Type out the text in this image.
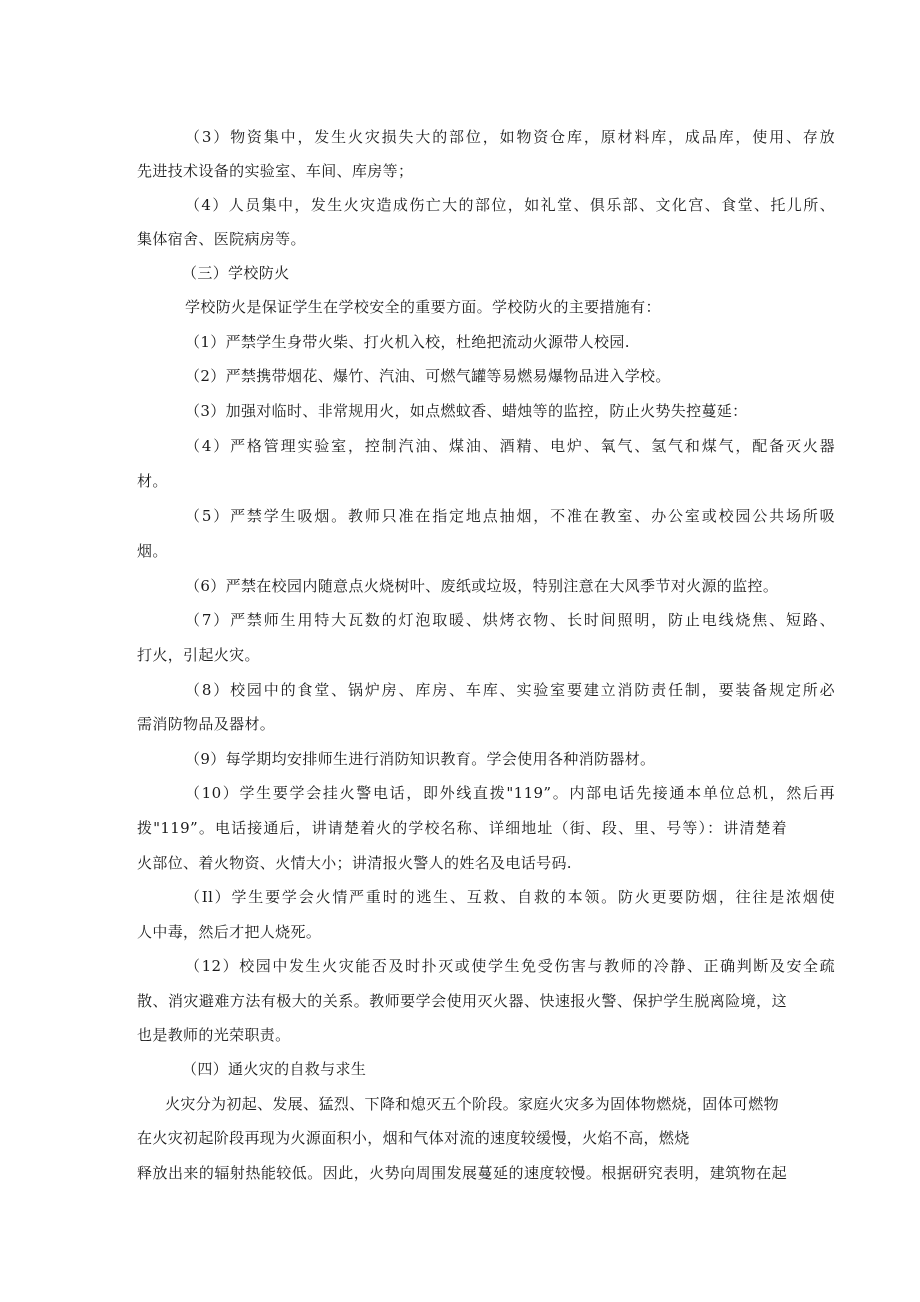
（3）物资集中，发生火灾损失大的部位，如物资仓库，原材料库，成品库，使用、存放
先进技术设备的实验室、车间、库房等；
（4）人员集中，发生火灾造成伤亡大的部位，如礼堂、俱乐部、文化宫、食堂、托儿所、
集体宿舍、医院病房等。
（三）学校防火
学校防火是保证学生在学校安全的重要方面。学校防火的主要措施有：
（1）严禁学生身带火柴、打火机入校，杜绝把流动火源带人校园.
（2）严禁携带烟花、爆竹、汽油、可燃气罐等易燃易爆物品进入学校。
（3）加强对临时、非常规用火，如点燃蚊香、蜡烛等的监控，防止火势失控蔓延：
（4）严格管理实验室，控制汽油、煤油、酒精、电炉、氧气、氢气和煤气，配备灭火器
材。
（5）严禁学生吸烟。教师只准在指定地点抽烟，不准在教室、办公室或校园公共场所吸
烟。
（6）严禁在校园内随意点火烧树叶、废纸或垃圾，特别注意在大风季节对火源的监控。
（7）严禁师生用特大瓦数的灯泡取暖、烘烤衣物、长时间照明，防止电线烧焦、短路、
打火，引起火灾。
（8）校园中的食堂、锅炉房、库房、车库、实验室要建立消防责任制，要装备规定所必
需消防物品及器材。
（9）每学期均安排师生进行消防知识教育。学会使用各种消防器材。
（10）学生要学会挂火警电话，即外线直拨"119”。内部电话先接通本单位总机，然后再
拨"119”。电话接通后，讲请楚着火的学校名称、详细地址（街、段、里、号等）：讲清楚着
火部位、着火物资、火情大小；讲清报火警人的姓名及电话号码.
（Il）学生要学会火情严重时的逃生、互救、自救的本领。防火更要防烟，往往是浓烟使
人中毒，然后才把人烧死。
（12）校园中发生火灾能否及时扑灭或使学生免受伤害与教师的冷静、正确判断及安全疏
散、消灾避难方法有极大的关系。教师要学会使用灭火器、快速报火警、保护学生脱离险境，这
也是教师的光荣职责。
（四）通火灾的自救与求生
火灾分为初起、发展、猛烈、下降和熄灭五个阶段。家庭火灾多为固体物燃烧，固体可燃物
在火灾初起阶段再现为火源面积小，烟和气体对流的速度较缓慢，火焰不高，燃烧
释放出来的辐射热能较低。因此，火势向周围发展蔓延的速度较慢。根据研究表明，建筑物在起
